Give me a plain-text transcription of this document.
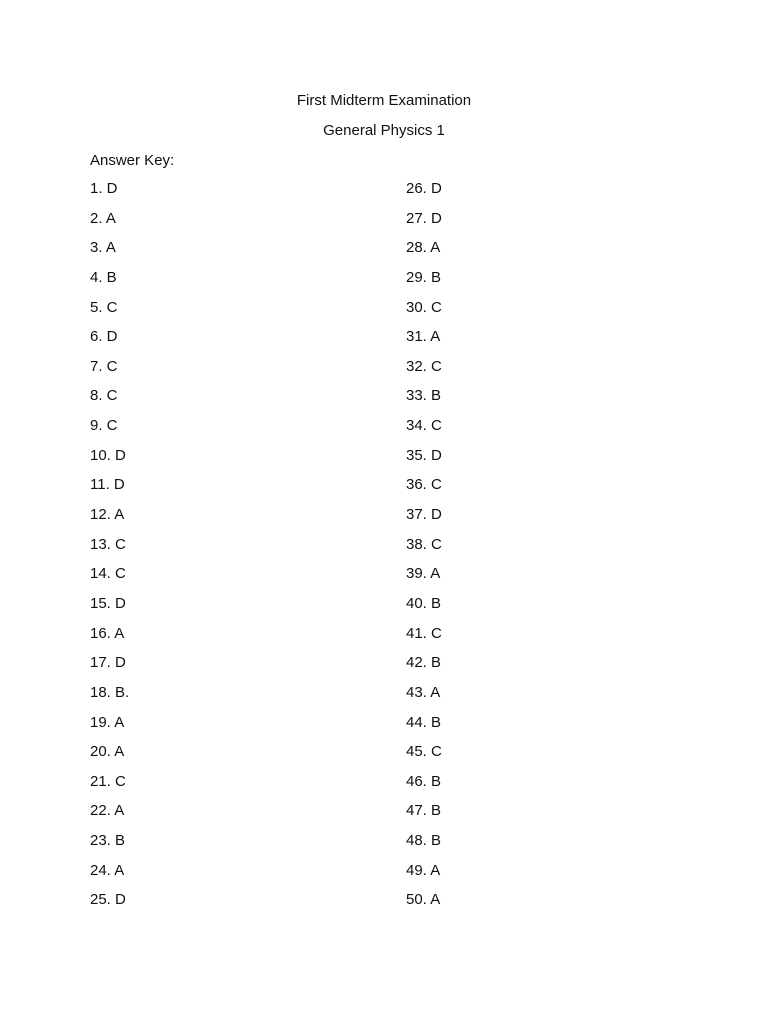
First Midterm Examination
General Physics 1
Answer Key:
1. D
2. A
3. A
4. B
5. C
6. D
7. C
8. C
9. C
10. D
11. D
12. A
13. C
14. C
15. D
16. A
17. D
18. B.
19. A
20. A
21. C
22. A
23. B
24. A
25. D
26. D
27. D
28. A
29. B
30. C
31. A
32. C
33. B
34. C
35. D
36. C
37. D
38. C
39. A
40. B
41. C
42. B
43. A
44. B
45. C
46. B
47. B
48. B
49. A
50. A
